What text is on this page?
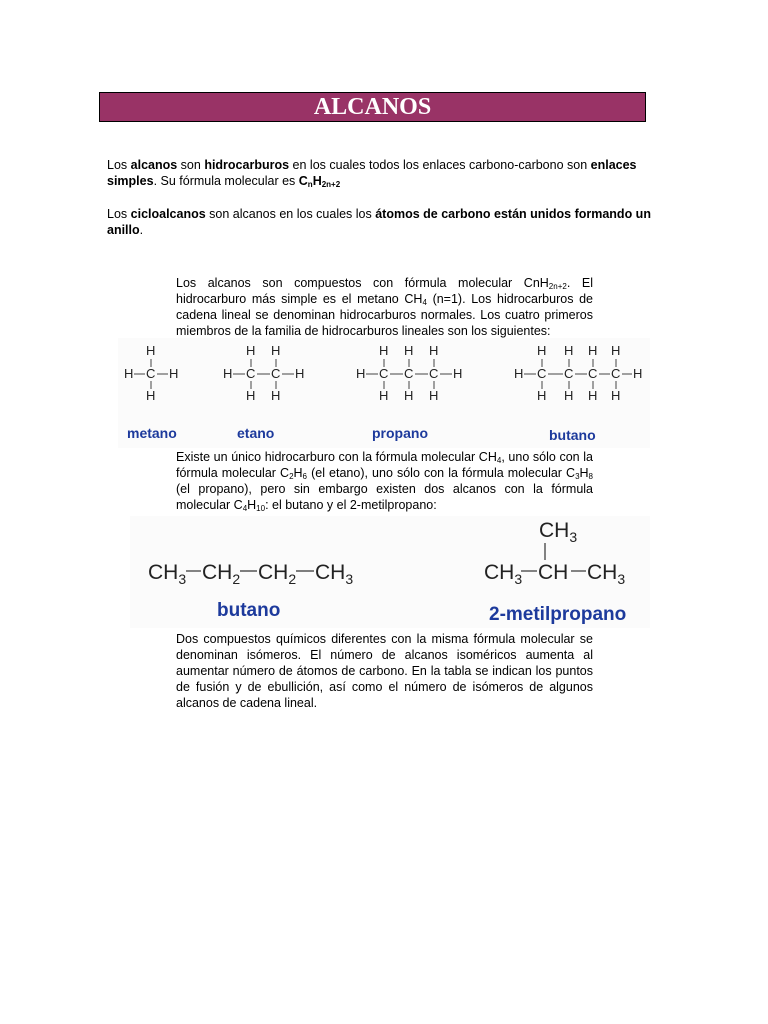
ALCANOS

Los alcanos son hidrocarburos en los cuales todos los enlaces carbono-carbono son enlaces simples. Su fórmula molecular es $C_nH_{2n+2}$

Los cicloalcanos son alcanos en los cuales los átomos de carbono están unidos formando un anillo.

Los alcanos son compuestos con fórmula molecular CnH$_{2n+2}$. El hidrocarburo más simple es el metano $CH_4$ (n=1). Los hidrocarburos de cadena lineal se denominan hidrocarburos normales. Los cuatro primeros miembros de la familia de hidrocarburos lineales son los siguientes:

H
H C H
H
H H
H C C H
H H
H H H
H C C C H
H H H
H H H H
H C C C C H
H H H H
metano	etano	propano	butano

Existe un único hidrocarburo con la fórmula molecular $CH_4$, uno sólo con la fórmula molecular $C_2H_6$ (el etano), uno sólo con la fórmula molecular $C_3H_8$ (el propano), pero sin embargo existen dos alcanos con la fórmula molecular $C_4H_{10}$: el butano y el 2-metilpropano:

$CH_3$ $CH_2$ $CH_2$ $CH_3$
$CH_3$
$CH_3$ CH $CH_3$
butano	2-metilpropano

Dos compuestos químicos diferentes con la misma fórmula molecular se denominan isómeros. El número de alcanos isoméricos aumenta al aumentar número de átomos de carbono. En la tabla se indican los puntos de fusión y de ebullición, así como el número de isómeros de algunos alcanos de cadena lineal.
